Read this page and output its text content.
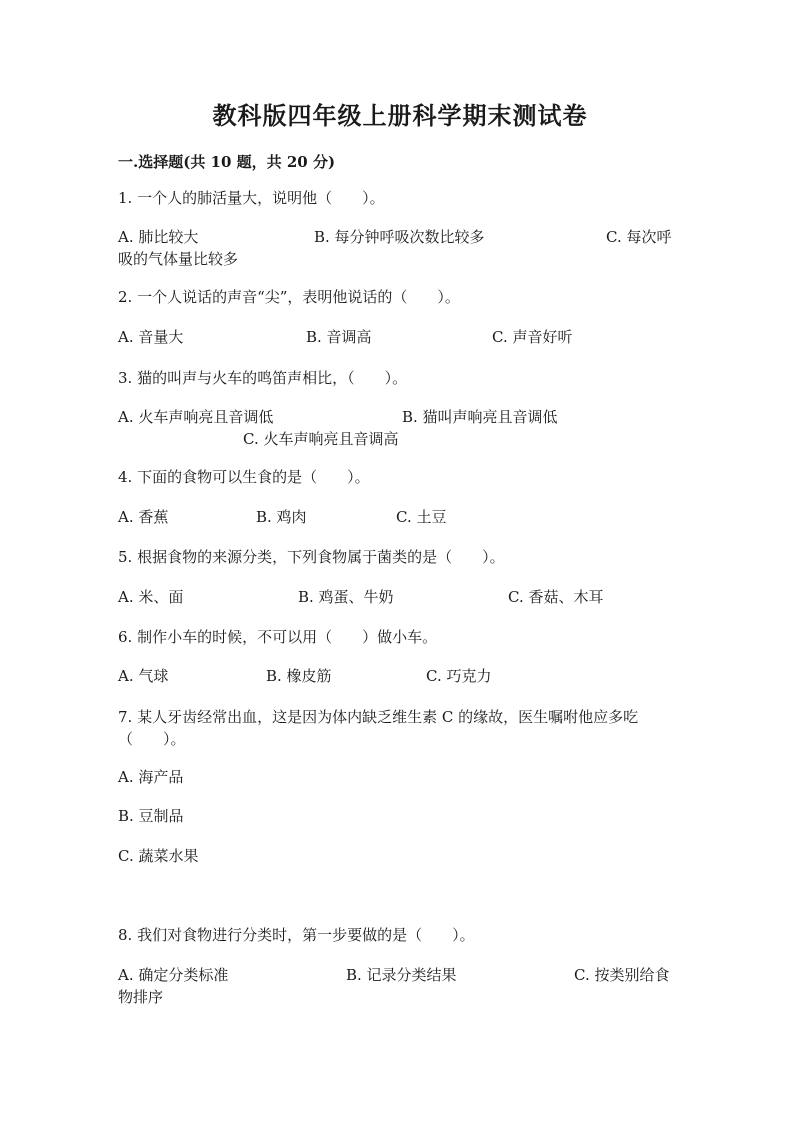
教科版四年级上册科学期末测试卷
一.选择题(共 10 题，共 20 分)
1. 一个人的肺活量大，说明他（　　）。
A. 肺比较大	B. 每分钟呼吸次数比较多	C. 每次呼
吸的气体量比较多
2. 一个人说话的声音“尖”，表明他说话的（　　）。
A. 音量大	B. 音调高	C. 声音好听
3. 猫的叫声与火车的鸣笛声相比，（　　）。
A. 火车声响亮且音调低	B. 猫叫声响亮且音调低
C. 火车声响亮且音调高
4. 下面的食物可以生食的是（　　）。
A. 香蕉	B. 鸡肉	C. 土豆
5. 根据食物的来源分类，下列食物属于菌类的是（　　）。
A. 米、面	B. 鸡蛋、牛奶	C. 香菇、木耳
6. 制作小车的时候，不可以用（　　）做小车。
A. 气球	B. 橡皮筋	C. 巧克力
7. 某人牙齿经常出血，这是因为体内缺乏维生素 C 的缘故，医生嘱咐他应多吃
（　　）。
A. 海产品
B. 豆制品
C. 蔬菜水果
8. 我们对食物进行分类时，第一步要做的是（　　）。
A. 确定分类标准	B. 记录分类结果	C. 按类别给食
物排序
